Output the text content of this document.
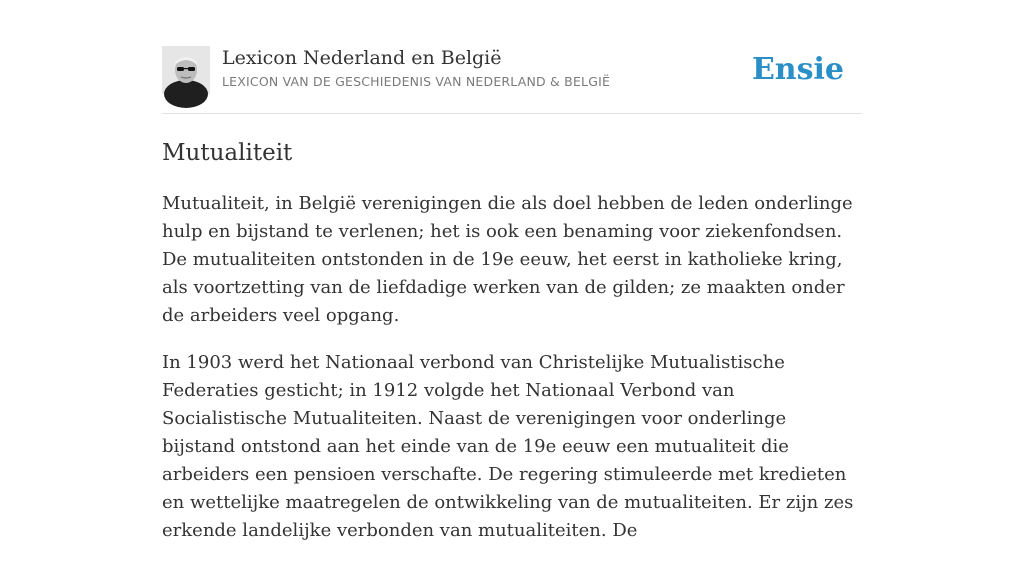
Lexicon Nederland en België
LEXICON VAN DE GESCHIEDENIS VAN NEDERLAND & BELGIË	Ensie
Mutualiteit

Mutualiteit, in België verenigingen die als doel hebben de leden onderlinge hulp en bijstand te verlenen; het is ook een benaming voor ziekenfondsen. De mutualiteiten ontstonden in de 19e eeuw, het eerst in katholieke kring, als voortzetting van de liefdadige werken van de gilden; ze maakten onder de arbeiders veel opgang.

In 1903 werd het Nationaal verbond van Christelijke Mutualistische Federaties gesticht; in 1912 volgde het Nationaal Verbond van Socialistische Mutualiteiten. Naast de verenigingen voor onderlinge bijstand ontstond aan het einde van de 19e eeuw een mutualiteit die arbeiders een pensioen verschafte. De regering stimuleerde met kredieten en wettelijke maatregelen de ontwikkeling van de mutualiteiten. Er zijn zes erkende landelijke verbonden van mutualiteiten. De
